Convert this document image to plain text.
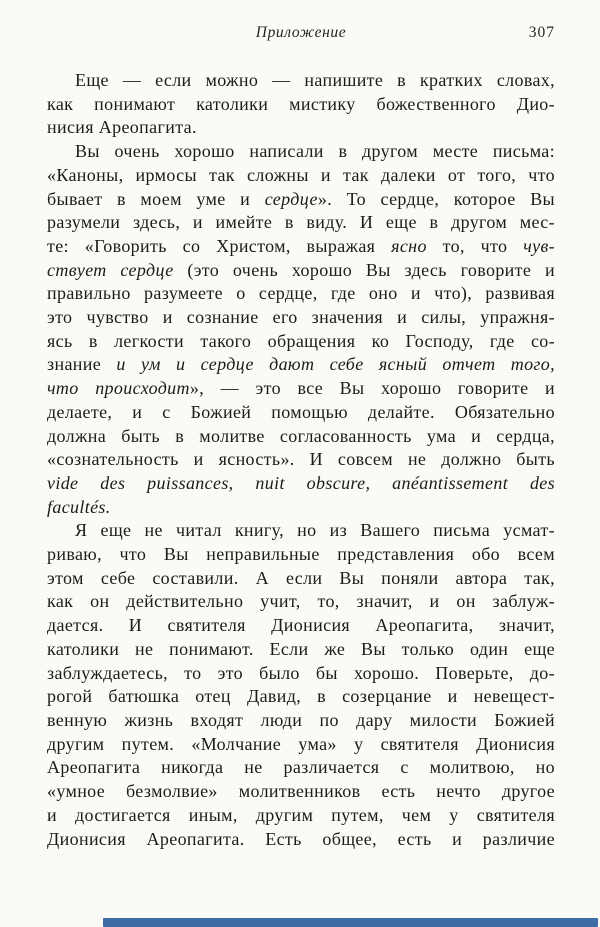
Приложение	307
Еще — если можно — напишите в кратких словах,
как понимают католики мистику божественного Дио-
нисия Ареопагита.
Вы очень хорошо написали в другом месте письма:
«Каноны, ирмосы так сложны и так далеки от того, что
бывает в моем уме и сердце». То сердце, которое Вы
разумели здесь, и имейте в виду. И еще в другом мес-
те: «Говорить со Христом, выражая ясно то, что чув-
ствует сердце (это очень хорошо Вы здесь говорите и
правильно разумеете о сердце, где оно и что), развивая
это чувство и сознание его значения и силы, упражня-
ясь в легкости такого обращения ко Господу, где со-
знание и ум и сердце дают себе ясный отчет того,
что происходит», — это все Вы хорошо говорите и
делаете, и с Божией помощью делайте. Обязательно
должна быть в молитве согласованность ума и сердца,
«сознательность и ясность». И совсем не должно быть
vide des puissances, nuit obscure, anéantissement des
facultés.
Я еще не читал книгу, но из Вашего письма усмат-
риваю, что Вы неправильные представления обо всем
этом себе составили. А если Вы поняли автора так,
как он действительно учит, то, значит, и он заблуж-
дается. И святителя Дионисия Ареопагита, значит,
католики не понимают. Если же Вы только один еще
заблуждаетесь, то это было бы хорошо. Поверьте, до-
рогой батюшка отец Давид, в созерцание и невещест-
венную жизнь входят люди по дару милости Божией
другим путем. «Молчание ума» у святителя Дионисия
Ареопагита никогда не различается с молитвою, но
«умное безмолвие» молитвенников есть нечто другое
и достигается иным, другим путем, чем у святителя
Дионисия Ареопагита. Есть общее, есть и различие
